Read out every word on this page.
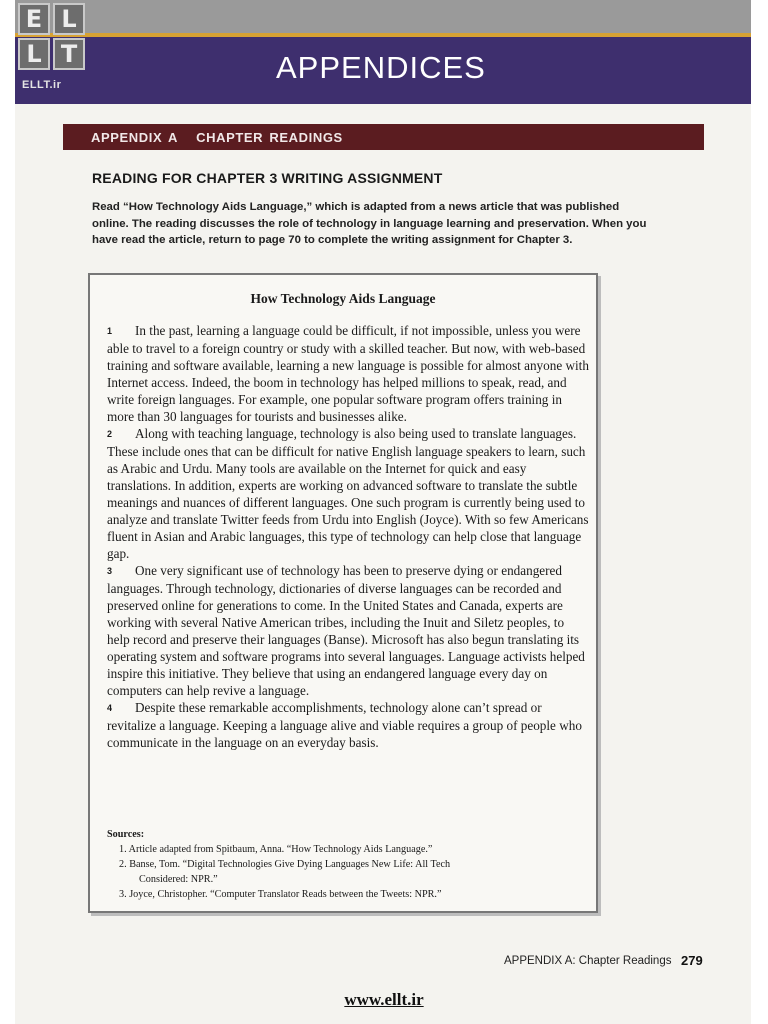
E L
L T
ELLT.ir	APPENDICES
APPENDIX A   CHAPTER READINGS
READING FOR CHAPTER 3 WRITING ASSIGNMENT
Read “How Technology Aids Language,” which is adapted from a news article that was published online. The reading discusses the role of technology in language learning and preservation. When you have read the article, return to page 70 to complete the writing assignment for Chapter 3.
How Technology Aids Language

1 In the past, learning a language could be difficult, if not impossible, unless you were able to travel to a foreign country or study with a skilled teacher. But now, with web-based training and software available, learning a new language is possible for almost anyone with Internet access. Indeed, the boom in technology has helped millions to speak, read, and write foreign languages. For example, one popular software program offers training in more than 30 languages for tourists and businesses alike.

2 Along with teaching language, technology is also being used to translate languages. These include ones that can be difficult for native English language speakers to learn, such as Arabic and Urdu. Many tools are available on the Internet for quick and easy translations. In addition, experts are working on advanced software to translate the subtle meanings and nuances of different languages. One such program is currently being used to analyze and translate Twitter feeds from Urdu into English (Joyce). With so few Americans fluent in Asian and Arabic languages, this type of technology can help close that language gap.

3 One very significant use of technology has been to preserve dying or endangered languages. Through technology, dictionaries of diverse languages can be recorded and preserved online for generations to come. In the United States and Canada, experts are working with several Native American tribes, including the Inuit and Siletz peoples, to help record and preserve their languages (Banse). Microsoft has also begun translating its operating system and software programs into several languages. Language activists helped inspire this initiative. They believe that using an endangered language every day on computers can help revive a language.

4 Despite these remarkable accomplishments, technology alone can’t spread or revitalize a language. Keeping a language alive and viable requires a group of people who communicate in the language on an everyday basis.

Sources:
1. Article adapted from Spitbaum, Anna. “How Technology Aids Language.”
2. Banse, Tom. “Digital Technologies Give Dying Languages New Life: All Tech
Considered: NPR.”
3. Joyce, Christopher. “Computer Translator Reads between the Tweets: NPR.”
APPENDIX A: Chapter Readings 279
www.ellt.ir
